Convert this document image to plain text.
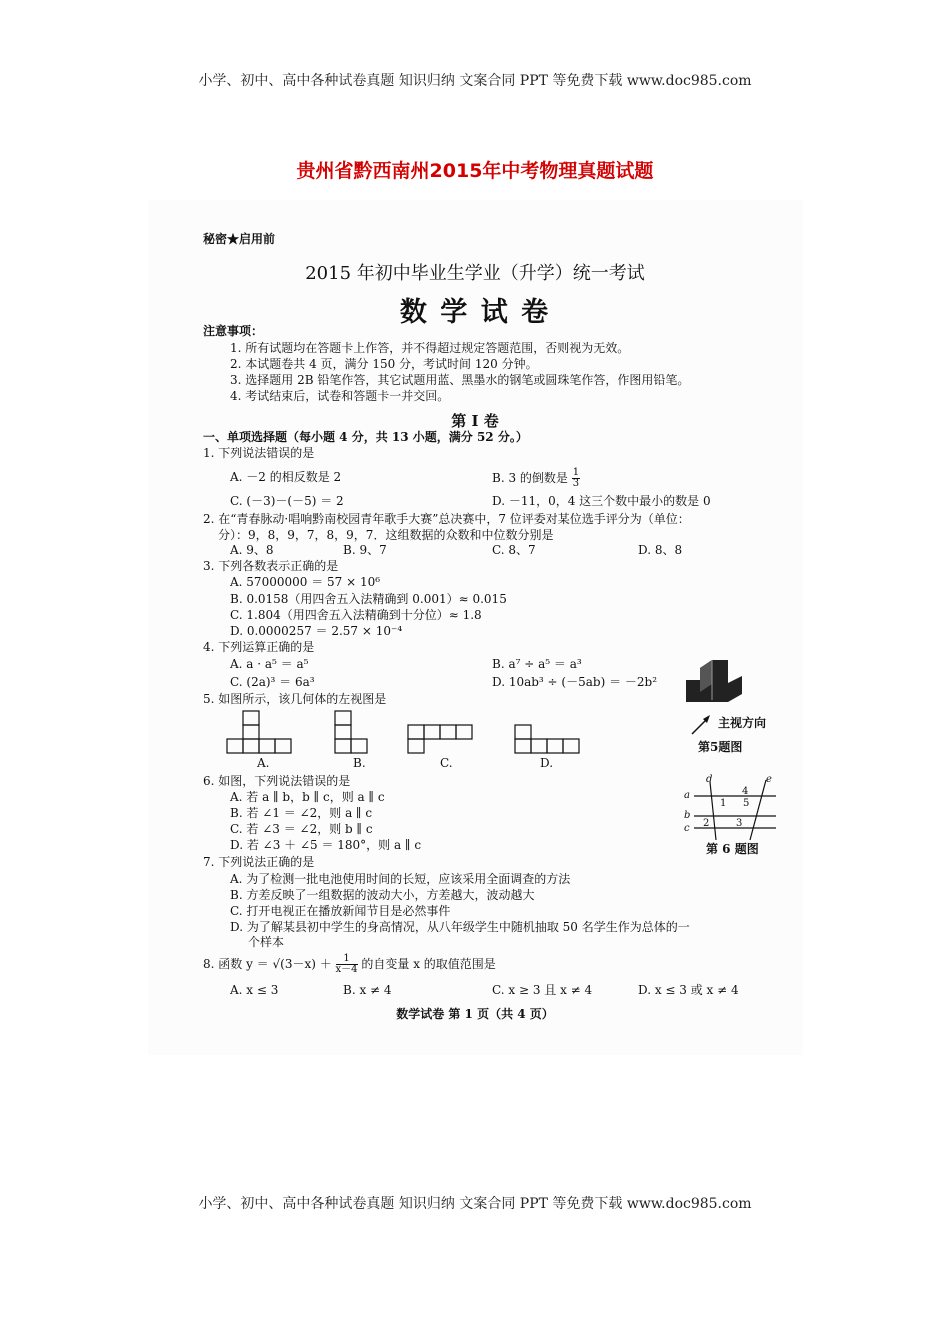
小学、初中、高中各种试卷真题 知识归纳 文案合同 PPT 等免费下载 www.doc985.com
贵州省黔西南州2015年中考物理真题试题
秘密★启用前
2015 年初中毕业生学业（升学）统一考试
数 学 试 卷
注意事项：
1. 所有试题均在答题卡上作答，并不得超过规定答题范围，否则视为无效。
2. 本试题卷共 4 页，满分 150 分，考试时间 120 分钟。
3. 选择题用 2B 铅笔作答，其它试题用蓝、黑墨水的钢笔或圆珠笔作答，作图用铅笔。
4. 考试结束后，试卷和答题卡一并交回。
第 Ⅰ 卷
一、单项选择题（每小题 4 分，共 13 小题，满分 52 分。）
1. 下列说法错误的是
A. －2 的相反数是 2	B. 3 的倒数是 $\frac{1}{3}$
C. (－3)－(－5) ＝ 2	D. －11，0，4 这三个数中最小的数是 0
2. 在“青春脉动·唱响黔南校园青年歌手大赛”总决赛中，7 位评委对某位选手评分为（单位：
分）：9，8，9，7，8，9，7．这组数据的众数和中位数分别是
A. 9、8	B. 9、7	C. 8、7	D. 8、8
3. 下列各数表示正确的是
A. 57000000 ＝ 57 × 10⁶
B. 0.0158（用四舍五入法精确到 0.001）≈ 0.015
C. 1.804（用四舍五入法精确到十分位）≈ 1.8
D. 0.0000257 ＝ 2.57 × 10⁻⁴
4. 下列运算正确的是
A. a · a⁵ ＝ a⁵	B. a⁷ ÷ a⁵ ＝ a³
C. (2a)³ ＝ 6a³	D. 10ab³ ÷ (－5ab) ＝ －2b²
主视方向
第5题图
5. 如图所示，该几何体的左视图是
A.	B.	C.	D.
6. 如图，下列说法错误的是
A. 若 a ∥ b，b ∥ c，则 a ∥ c
B. 若 ∠1 ＝ ∠2，则 a ∥ c
C. 若 ∠3 ＝ ∠2，则 b ∥ c
D. 若 ∠3 ＋ ∠5 ＝ 180°，则 a ∥ c
d	e
a
b
c
1
2	3
4
5
第 6 题图
7. 下列说法正确的是
A. 为了检测一批电池使用时间的长短，应该采用全面调查的方法
B. 方差反映了一组数据的波动大小，方差越大，波动越大
C. 打开电视正在播放新闻节目是必然事件
D. 为了解某县初中学生的身高情况，从八年级学生中随机抽取 50 名学生作为总体的一
个样本
8. 函数 $y = √(3-x) + \frac{1}{x-4}$ 的自变量 x 的取值范围是
A. x ≤ 3	B. x ≠ 4	C. x ≥ 3 且 x ≠ 4	D. x ≤ 3 或 x ≠ 4
数学试卷 第 1 页（共 4 页）
小学、初中、高中各种试卷真题 知识归纳 文案合同 PPT 等免费下载 www.doc985.com
